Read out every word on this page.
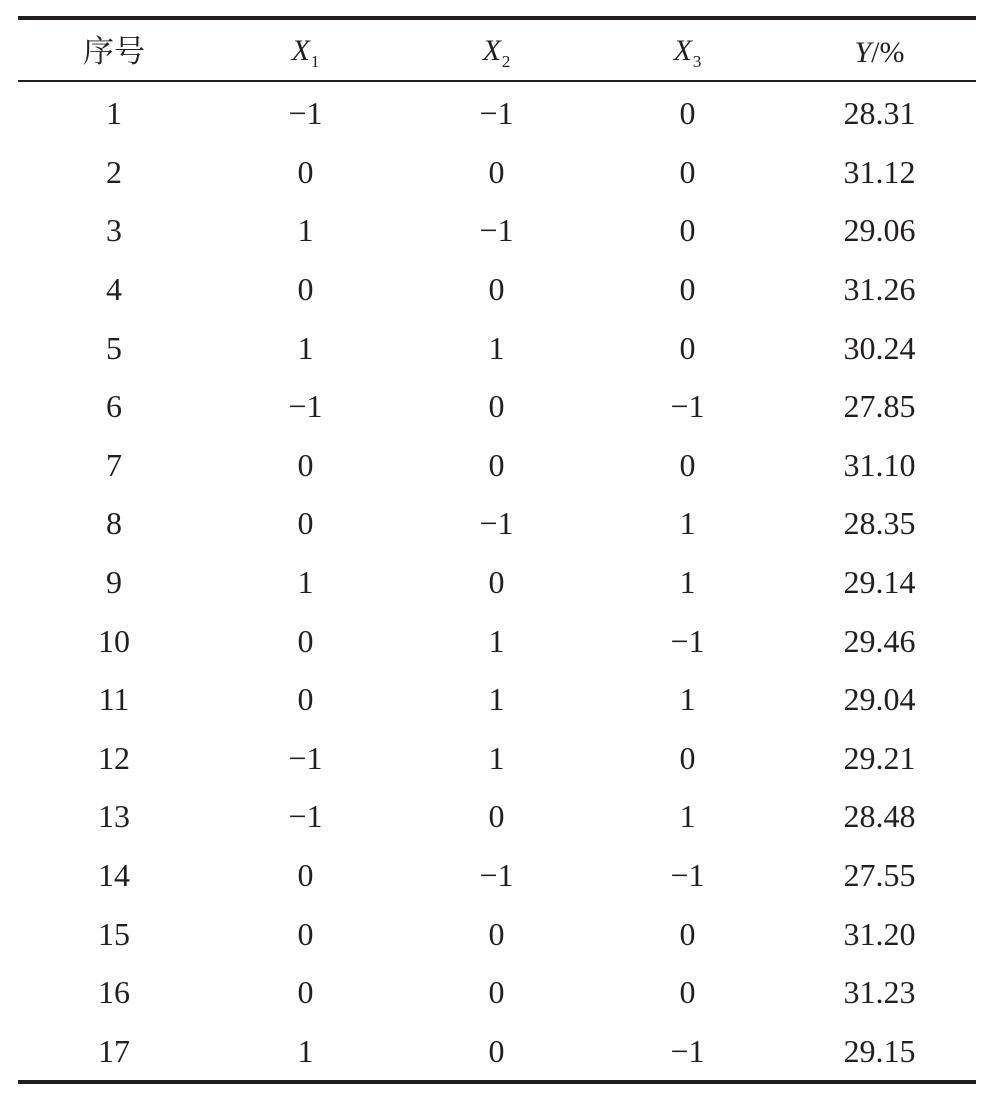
序号	$X_1$	$X_2$	$X_3$	Y/%
1	−1	−1	0	28.31
2	0	0	0	31.12
3	1	−1	0	29.06
4	0	0	0	31.26
5	1	1	0	30.24
6	−1	0	−1	27.85
7	0	0	0	31.10
8	0	−1	1	28.35
9	1	0	1	29.14
10	0	1	−1	29.46
11	0	1	1	29.04
12	−1	1	0	29.21
13	−1	0	1	28.48
14	0	−1	−1	27.55
15	0	0	0	31.20
16	0	0	0	31.23
17	1	0	−1	29.15
